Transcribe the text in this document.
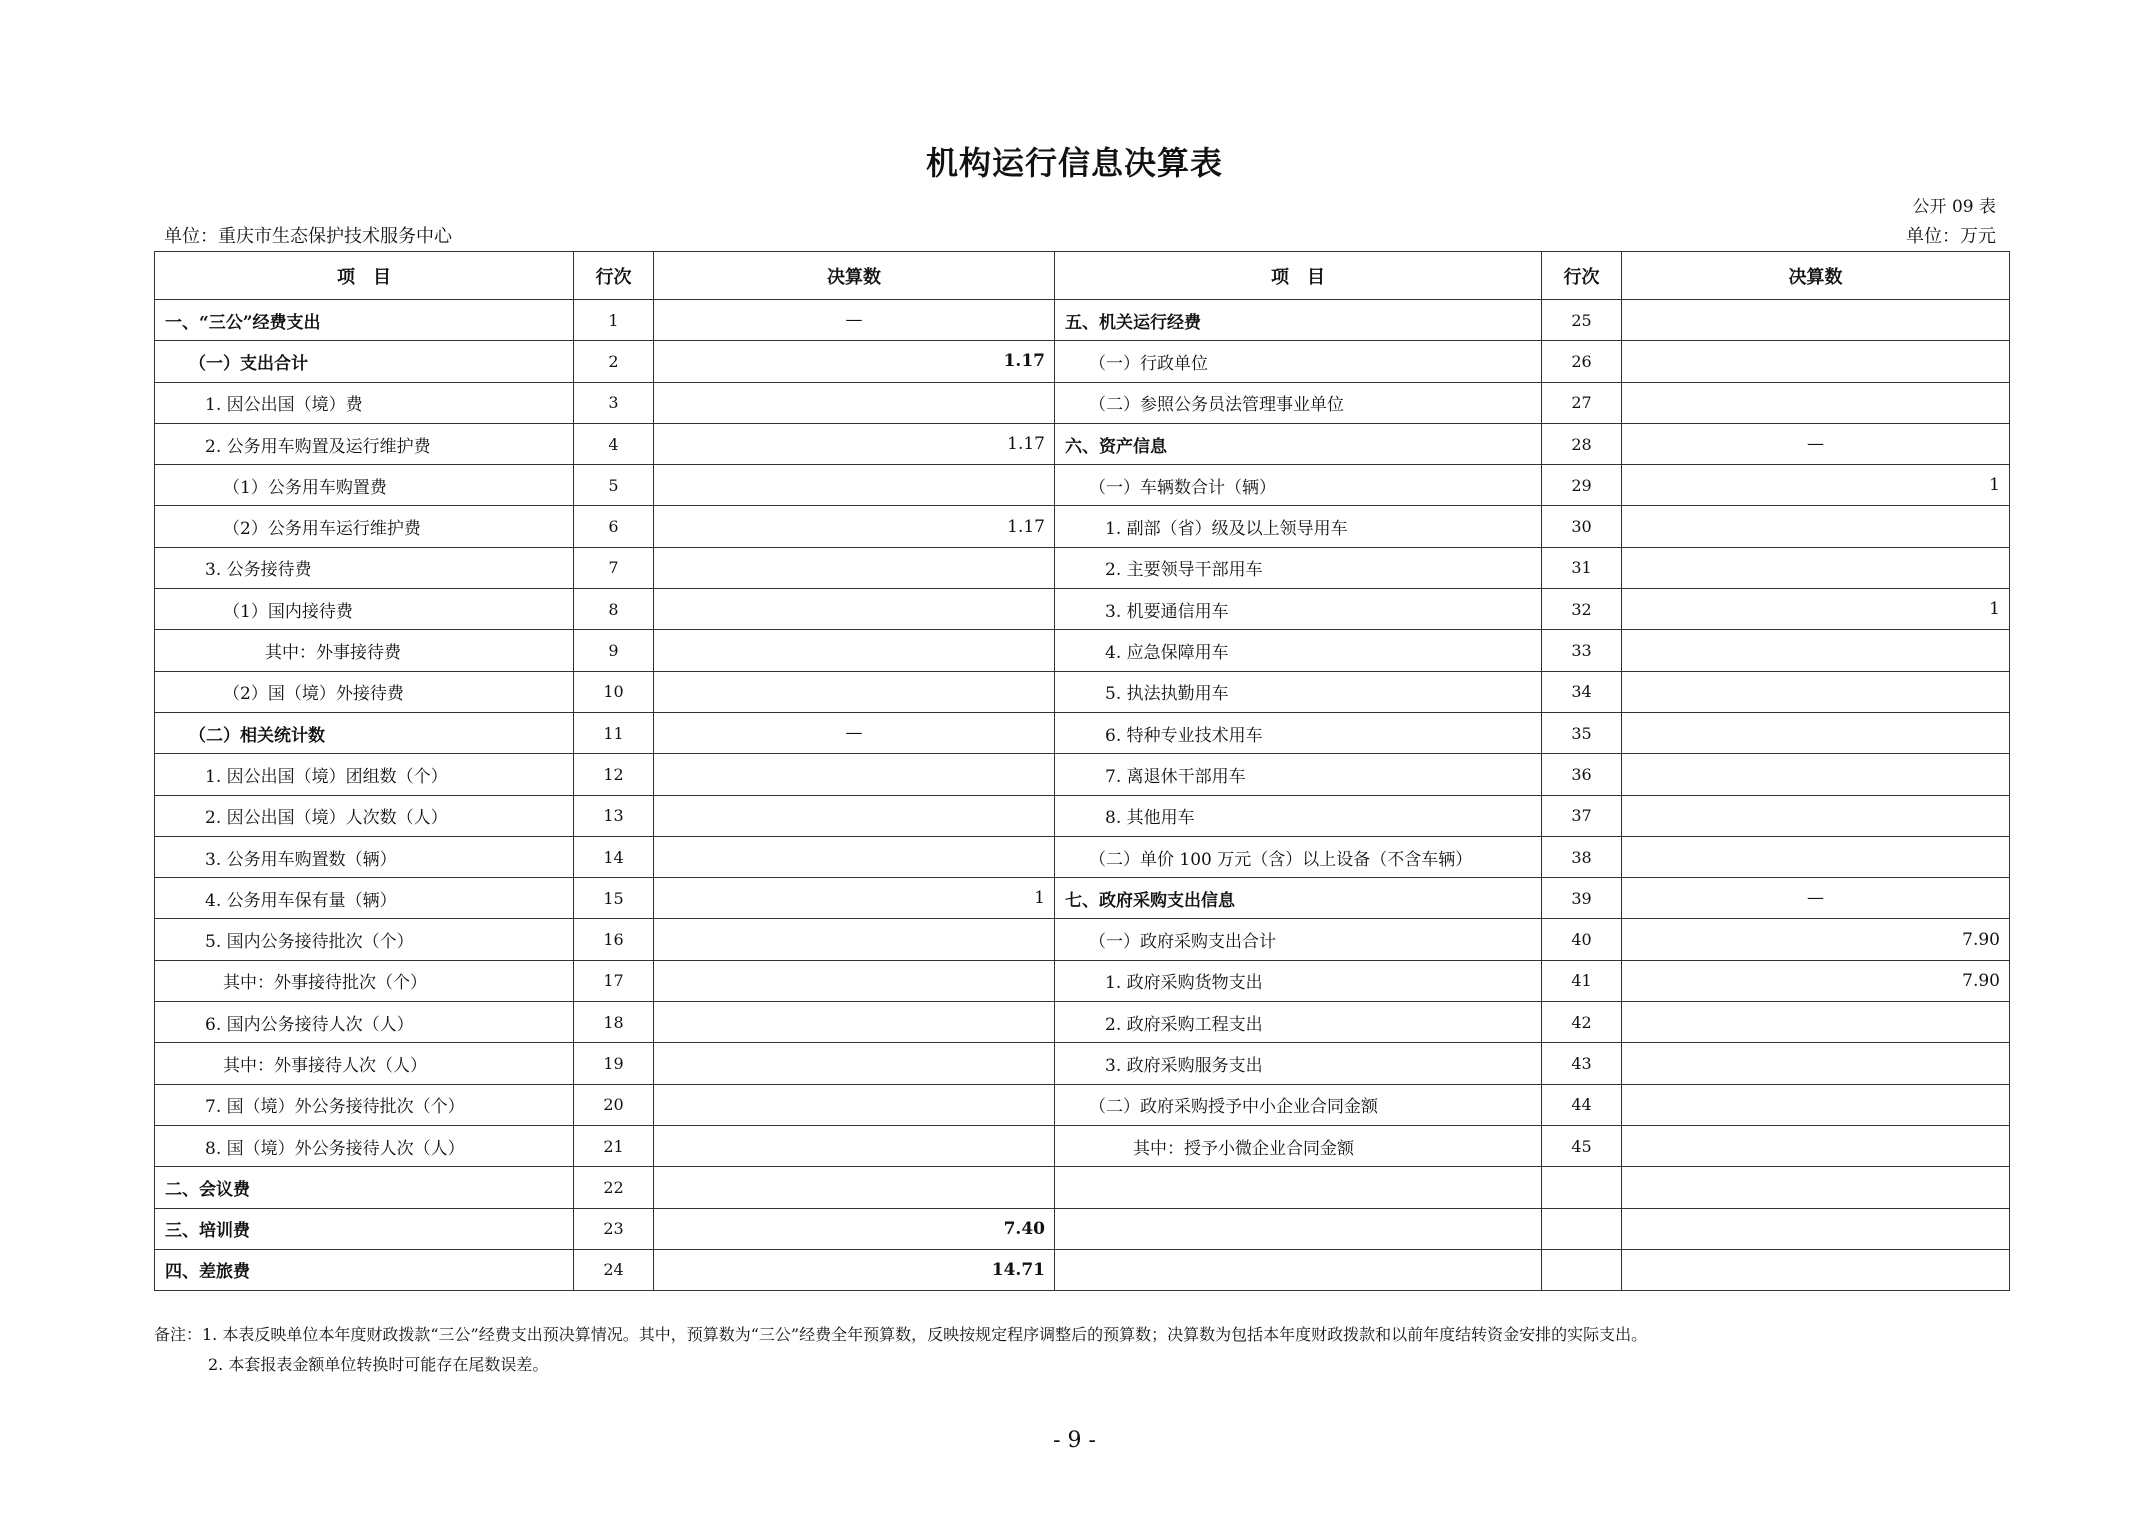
机构运行信息决算表
公开 09 表
单位：重庆市生态保护技术服务中心	单位：万元
项　目	行次	决算数	项　目	行次	决算数
一、“三公”经费支出	1	—	五、机关运行经费	25	
（一）支出合计	2	1.17	（一）行政单位	26	
1. 因公出国（境）费	3		（二）参照公务员法管理事业单位	27	
2. 公务用车购置及运行维护费	4	1.17	六、资产信息	28	—
（1）公务用车购置费	5		（一）车辆数合计（辆）	29	1
（2）公务用车运行维护费	6	1.17	1. 副部（省）级及以上领导用车	30	
3. 公务接待费	7		2. 主要领导干部用车	31	
（1）国内接待费	8		3. 机要通信用车	32	1
其中：外事接待费	9		4. 应急保障用车	33	
（2）国（境）外接待费	10		5. 执法执勤用车	34	
（二）相关统计数	11	—	6. 特种专业技术用车	35	
1. 因公出国（境）团组数（个）	12		7. 离退休干部用车	36	
2. 因公出国（境）人次数（人）	13		8. 其他用车	37	
3. 公务用车购置数（辆）	14		（二）单价 100 万元（含）以上设备（不含车辆）	38	
4. 公务用车保有量（辆）	15	1	七、政府采购支出信息	39	—
5. 国内公务接待批次（个）	16		（一）政府采购支出合计	40	7.90
其中：外事接待批次（个）	17		1. 政府采购货物支出	41	7.90
6. 国内公务接待人次（人）	18		2. 政府采购工程支出	42	
其中：外事接待人次（人）	19		3. 政府采购服务支出	43	
7. 国（境）外公务接待批次（个）	20		（二）政府采购授予中小企业合同金额	44	
8. 国（境）外公务接待人次（人）	21		其中：授予小微企业合同金额	45	
二、会议费	22				
三、培训费	23	7.40			
四、差旅费	24	14.71			
备注：1. 本表反映单位本年度财政拨款“三公”经费支出预决算情况。其中，预算数为“三公”经费全年预算数，反映按规定程序调整后的预算数；决算数为包括本年度财政拨款和以前年度结转资金安排的实际支出。
2. 本套报表金额单位转换时可能存在尾数误差。
- 9 -
